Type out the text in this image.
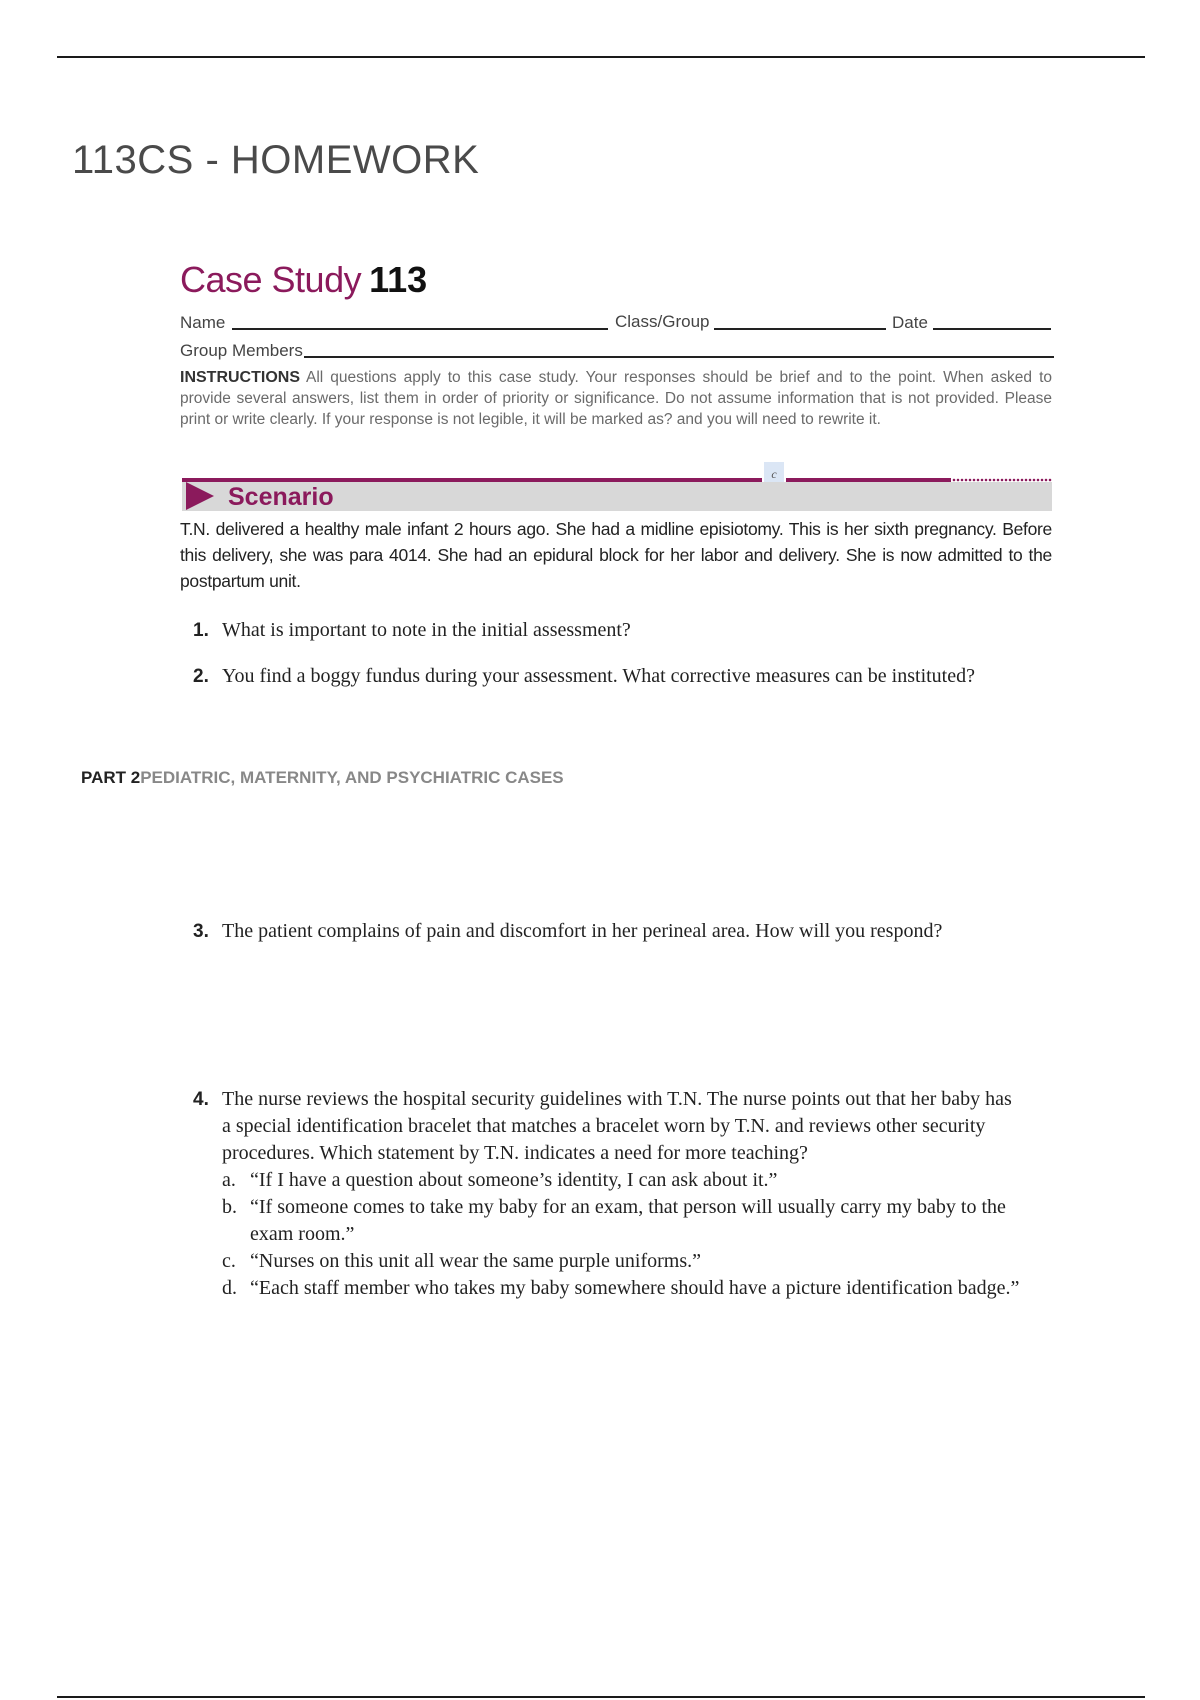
113CS - HOMEWORK
Case Study 113
Name	Class/Group	Date
Group Members
INSTRUCTIONS All questions apply to this case study. Your responses should be brief and to the point. When asked to provide several answers, list them in order of priority or significance. Do not assume information that is not provided. Please print or write clearly. If your response is not legible, it will be marked as? and you will need to rewrite it.
c
Scenario
T.N. delivered a healthy male infant 2 hours ago. She had a midline episiotomy. This is her sixth pregnancy. Before this delivery, she was para 4014. She had an epidural block for her labor and delivery. She is now admitted to the postpartum unit.
1. What is important to note in the initial assessment?
2. You find a boggy fundus during your assessment. What corrective measures can be instituted?
PART 2PEDIATRIC, MATERNITY, AND PSYCHIATRIC CASES
3. The patient complains of pain and discomfort in her perineal area. How will you respond?
4. The nurse reviews the hospital security guidelines with T.N. The nurse points out that her baby has a special identification bracelet that matches a bracelet worn by T.N. and reviews other security procedures. Which statement by T.N. indicates a need for more teaching?
a. “If I have a question about someone’s identity, I can ask about it.”
b. “If someone comes to take my baby for an exam, that person will usually carry my baby to the exam room.”
c. “Nurses on this unit all wear the same purple uniforms.”
d. “Each staff member who takes my baby somewhere should have a picture identification badge.”
